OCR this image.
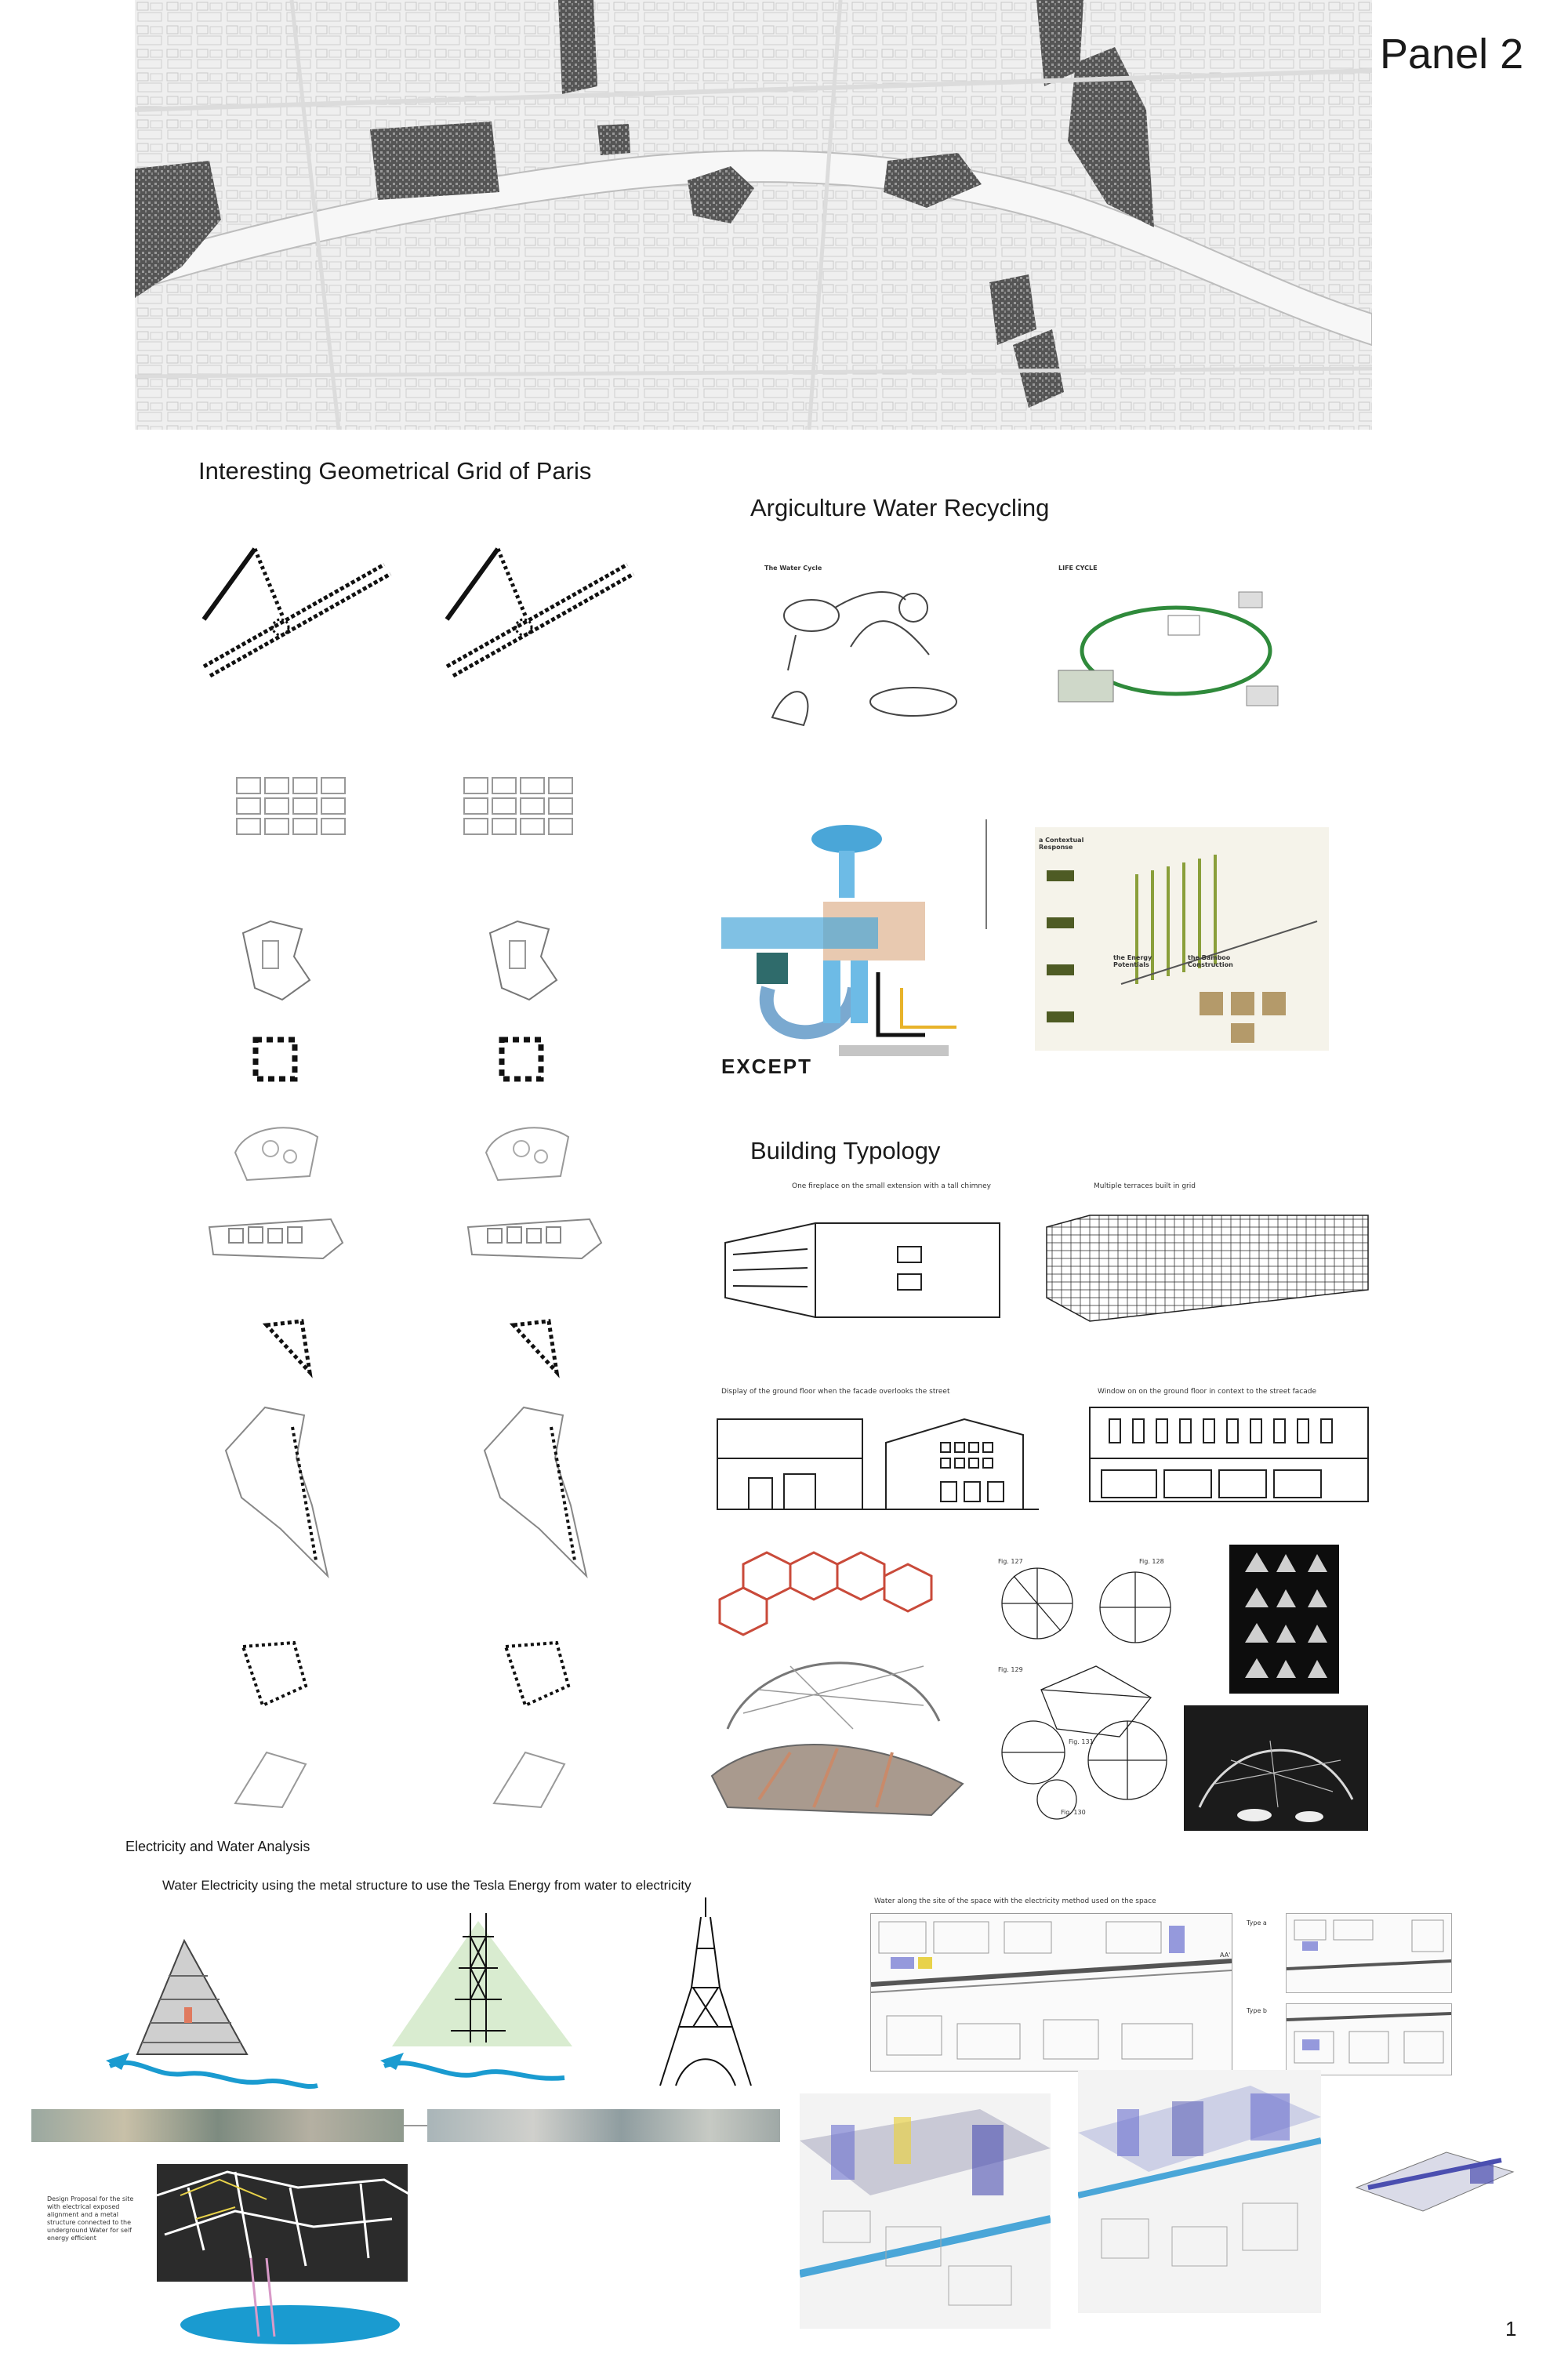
Panel 2
Interesting Geometrical Grid of Paris
Argiculture Water Recycling
The Water Cycle	LIFE CYCLE
EXCEPT
a Contextual Response
the Energy Potentials
the Bamboo Construction
Building Typology
One fireplace on the small extension with a tall chimney	Multiple terraces built in grid
Display of the ground floor when the facade overlooks the street	Window on on the ground floor in context to the street facade
Fig. 127	Fig. 128
Fig. 129
Fig. 131
Fig. 130
Electricity and Water Analysis
Water Electricity using the metal structure to use the Tesla Energy from water to electricity
Water along the site of the space with the electricity method used on the space
AA'
Type a
Type b
Design Proposal for the site with electrical exposed alignment and a metal structure connected to the underground Water for self energy efficient
1
